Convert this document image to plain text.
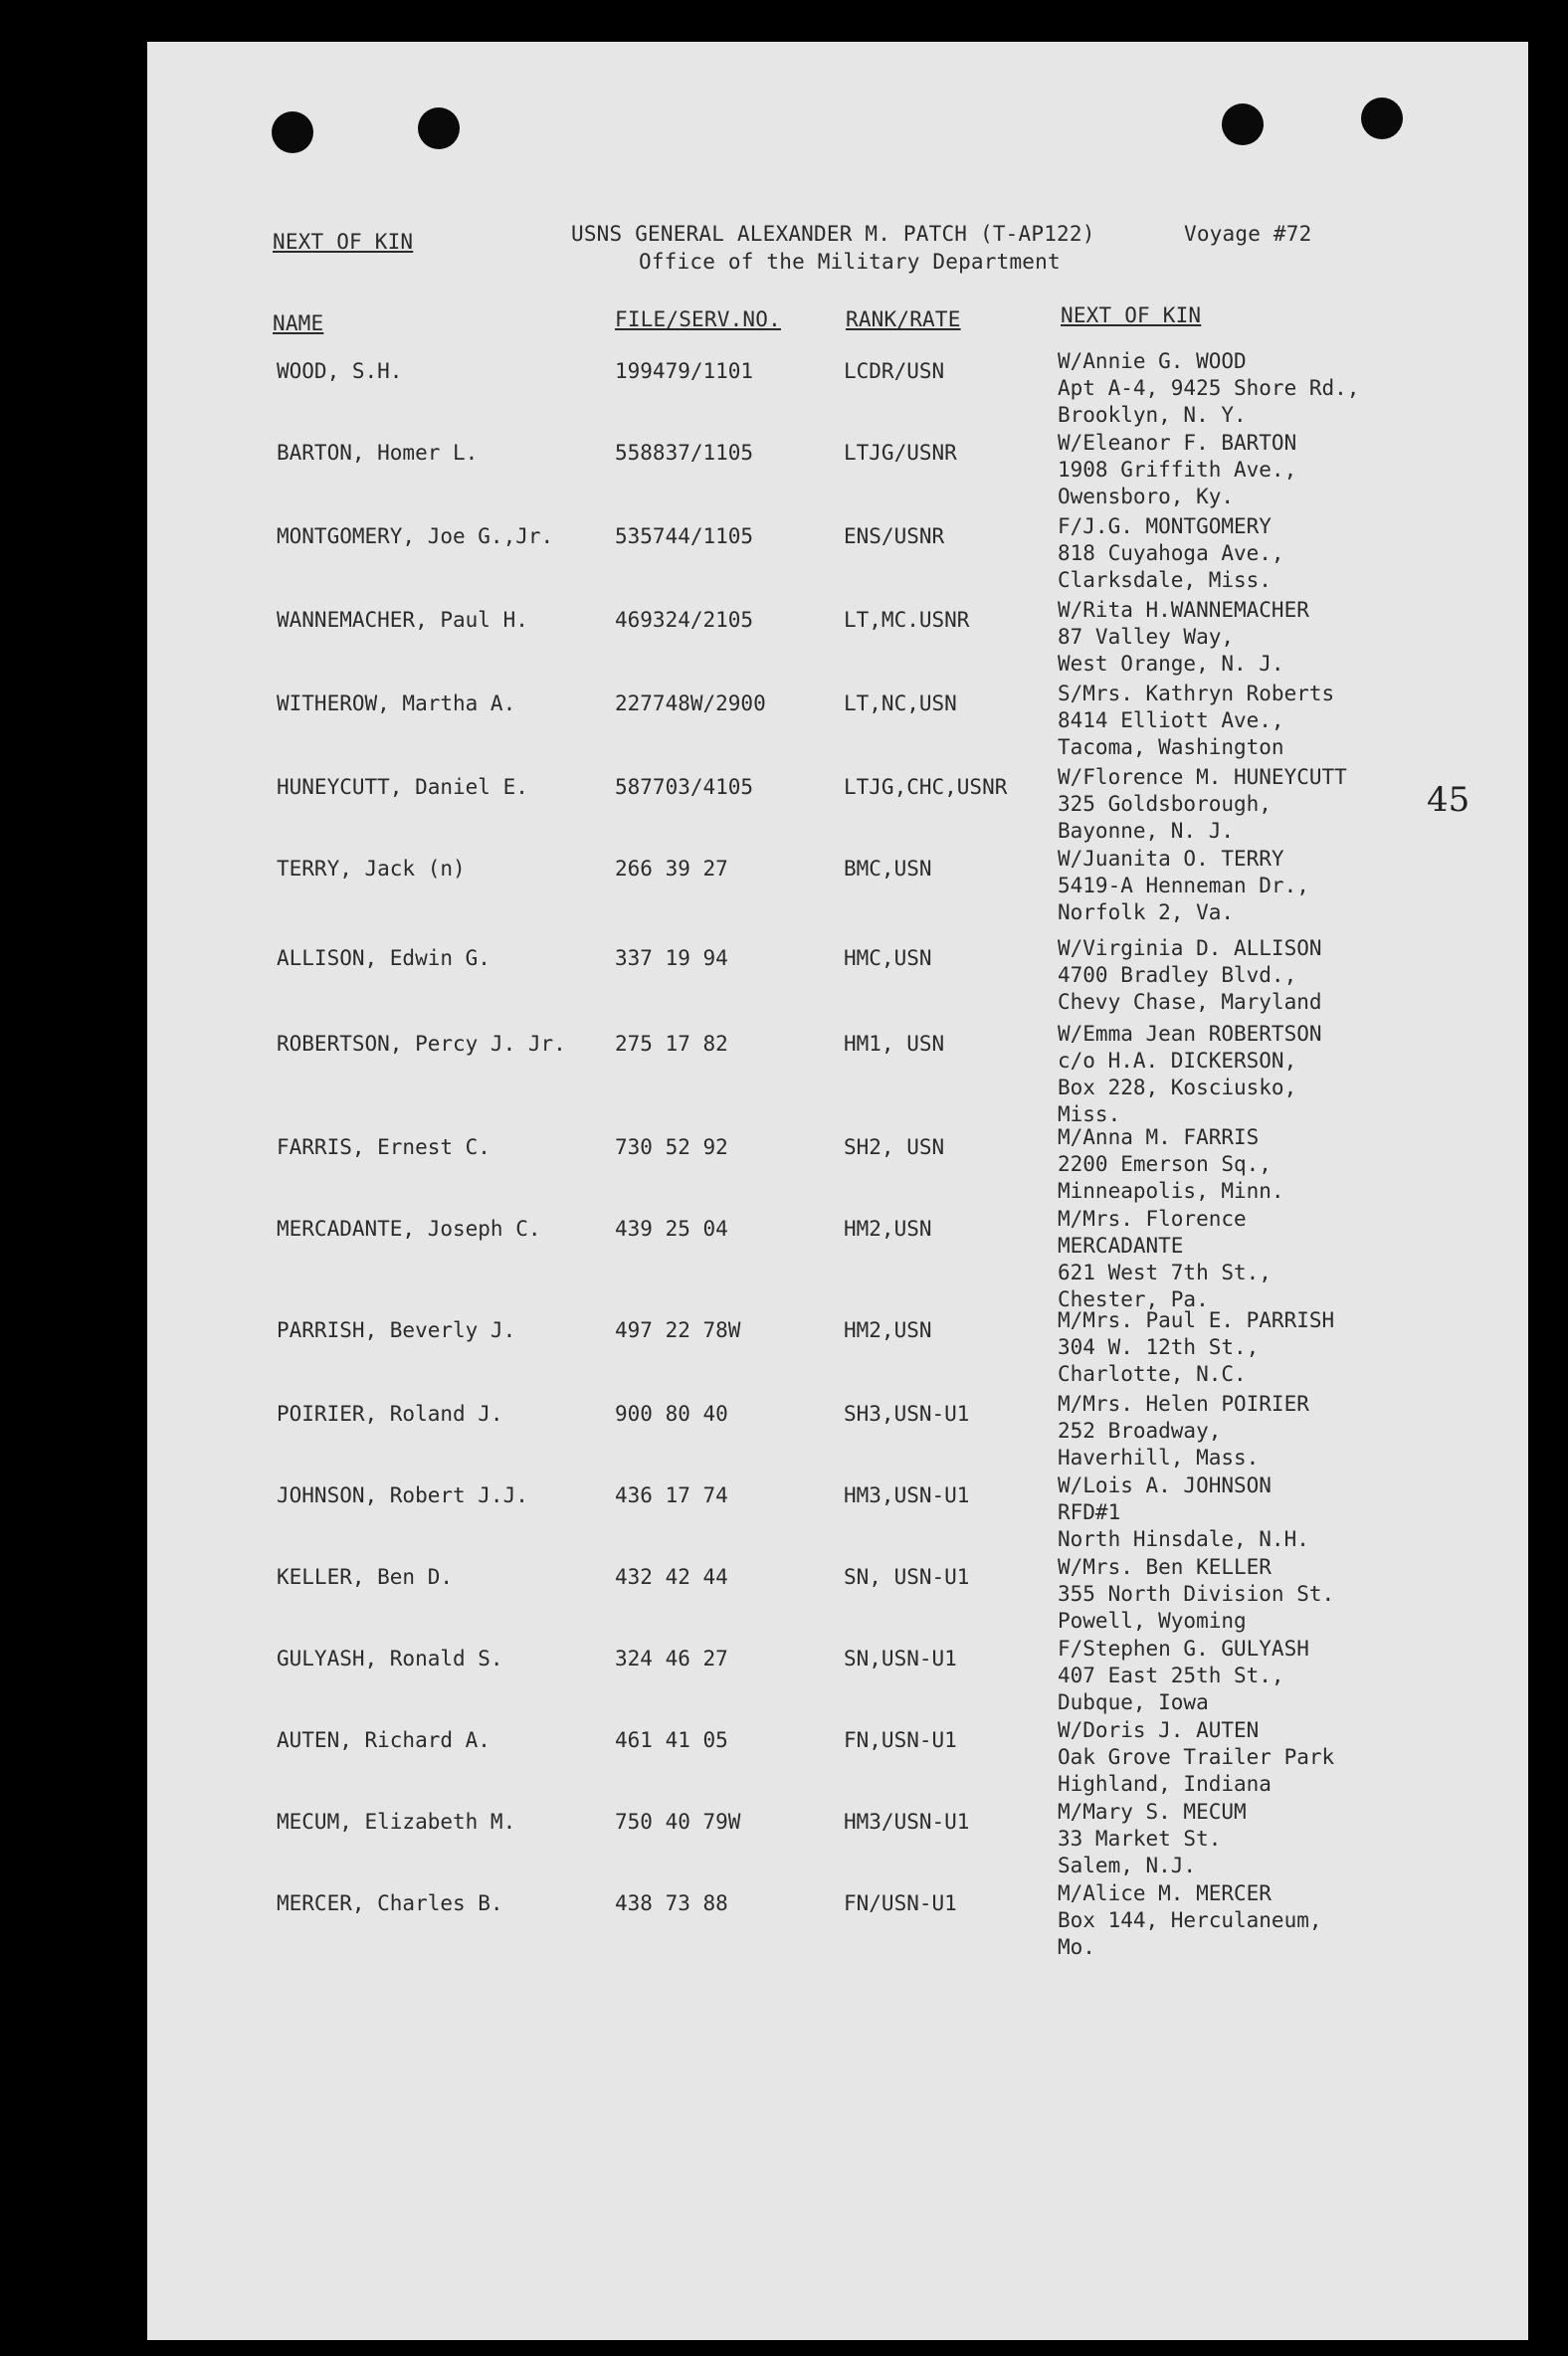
NEXT OF KIN	USNS GENERAL ALEXANDER M. PATCH (T-AP122)	Voyage #72
Office of the Military Department
NAME	FILE/SERV.NO.	RANK/RATE	NEXT OF KIN
WOOD, S.H.	199479/1101	LCDR/USN	W/Annie G. WOOD
Apt A-4, 9425 Shore Rd.,
Brooklyn, N. Y.
BARTON, Homer L.	558837/1105	LTJG/USNR	W/Eleanor F. BARTON
1908 Griffith Ave.,
Owensboro, Ky.
MONTGOMERY, Joe G.,Jr.	535744/1105	ENS/USNR	F/J.G. MONTGOMERY
818 Cuyahoga Ave.,
Clarksdale, Miss.
WANNEMACHER, Paul H.	469324/2105	LT,MC.USNR	W/Rita H.WANNEMACHER
87 Valley Way,
West Orange, N. J.
WITHEROW, Martha A.	227748W/2900	LT,NC,USN	S/Mrs. Kathryn Roberts
8414 Elliott Ave.,
Tacoma, Washington
HUNEYCUTT, Daniel E.	587703/4105	LTJG,CHC,USNR W/Florence M. HUNEYCUTT
325 Goldsborough,
Bayonne, N. J.
TERRY, Jack (n)	266 39 27	BMC,USN	W/Juanita O. TERRY
5419-A Henneman Dr.,
Norfolk 2, Va.
ALLISON, Edwin G.	337 19 94	HMC,USN	W/Virginia D. ALLISON
4700 Bradley Blvd.,
Chevy Chase, Maryland
ROBERTSON, Percy J. Jr. 275 17 82	HM1, USN	W/Emma Jean ROBERTSON
c/o H.A. DICKERSON,
Box 228, Kosciusko,
Miss.
FARRIS, Ernest C.	730 52 92	SH2, USN	M/Anna M. FARRIS
2200 Emerson Sq.,
Minneapolis, Minn.
MERCADANTE, Joseph C.	439 25 04	HM2,USN	M/Mrs. Florence
MERCADANTE
621 West 7th St.,
Chester, Pa.
PARRISH, Beverly J.	497 22 78W	HM2,USN	M/Mrs. Paul E. PARRISH
304 W. 12th St.,
Charlotte, N.C.
POIRIER, Roland J.	900 80 40	SH3,USN-U1	M/Mrs. Helen POIRIER
252 Broadway,
Haverhill, Mass.
JOHNSON, Robert J.J.	436 17 74	HM3,USN-U1	W/Lois A. JOHNSON
RFD#1
North Hinsdale, N.H.
KELLER, Ben D.	432 42 44	SN, USN-U1	W/Mrs. Ben KELLER
355 North Division St.
Powell, Wyoming
GULYASH, Ronald S.	324 46 27	SN,USN-U1	F/Stephen G. GULYASH
407 East 25th St.,
Dubque, Iowa
AUTEN, Richard A.	461 41 05	FN,USN-U1	W/Doris J. AUTEN
Oak Grove Trailer Park
Highland, Indiana
MECUM, Elizabeth M.	750 40 79W	HM3/USN-U1	M/Mary S. MECUM
33 Market St.
Salem, N.J.
MERCER, Charles B.	438 73 88	FN/USN-U1	M/Alice M. MERCER
Box 144, Herculaneum,
Mo.
45
